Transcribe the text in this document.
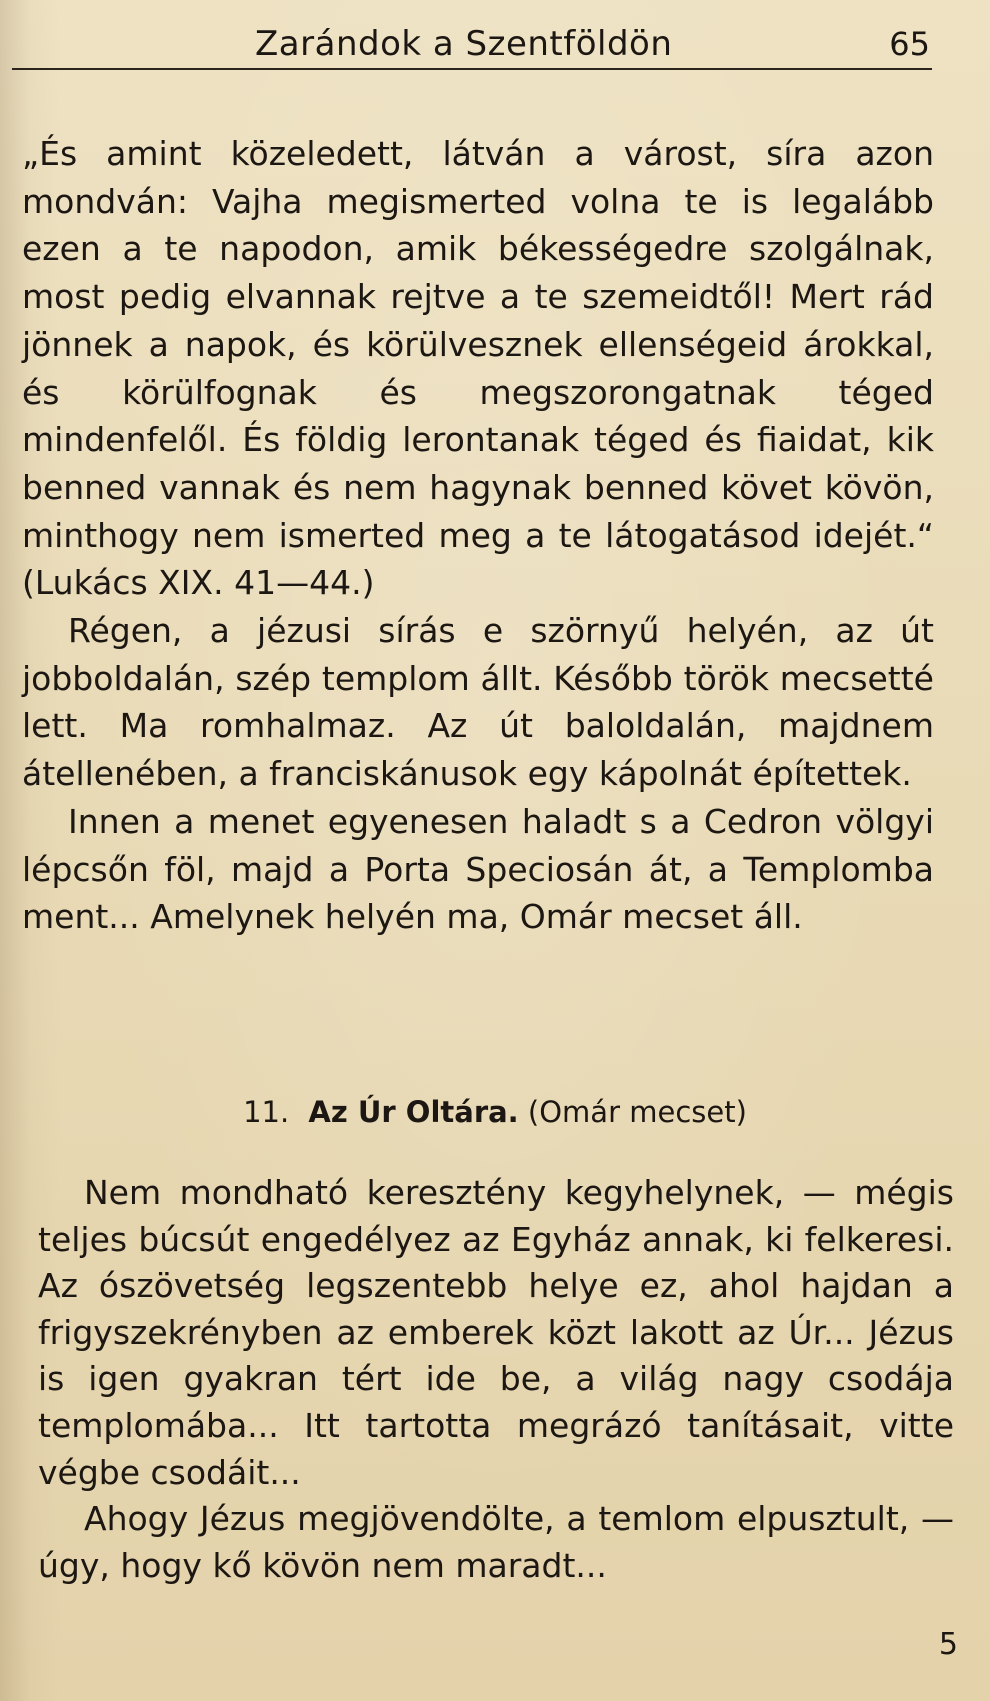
Zarándok a Szentföldön	65

„És amint közeledett, látván a várost, síra azon mondván: Vajha megismerted volna te is legalább ezen a te napodon, amik békességedre szolgálnak, most pedig elvannak rejtve a te szemeidtől! Mert rád jönnek a napok, és körülvesznek ellenségeid árokkal, és körülfognak és megszorongatnak téged mindenfelől. És földig lerontanak téged és fiaidat, kik benned vannak és nem hagynak benned követ kövön, minthogy nem ismerted meg a te látogatásod idejét.“ (Lukács XIX. 41—44.)

Régen, a jézusi sírás e szörnyű helyén, az út jobboldalán, szép templom állt. Később török mecsetté lett. Ma romhalmaz. Az út baloldalán, majdnem átellenében, a franciskánusok egy kápolnát építettek.

Innen a menet egyenesen haladt s a Cedron völgyi lépcsőn föl, majd a Porta Speciosán át, a Templomba ment... Amelynek helyén ma, Omár mecset áll.

11. Az Úr Oltára. (Omár mecset)

Nem mondható keresztény kegyhelynek, — mégis teljes búcsút engedélyez az Egyház annak, ki felkeresi. Az ószövetség legszentebb helye ez, ahol hajdan a frigyszekrényben az emberek közt lakott az Úr... Jézus is igen gyakran tért ide be, a világ nagy csodája templomába... Itt tartotta megrázó tanításait, vitte végbe csodáit...

Ahogy Jézus megjövendölte, a temlom elpusztult, — úgy, hogy kő kövön nem maradt...

5
